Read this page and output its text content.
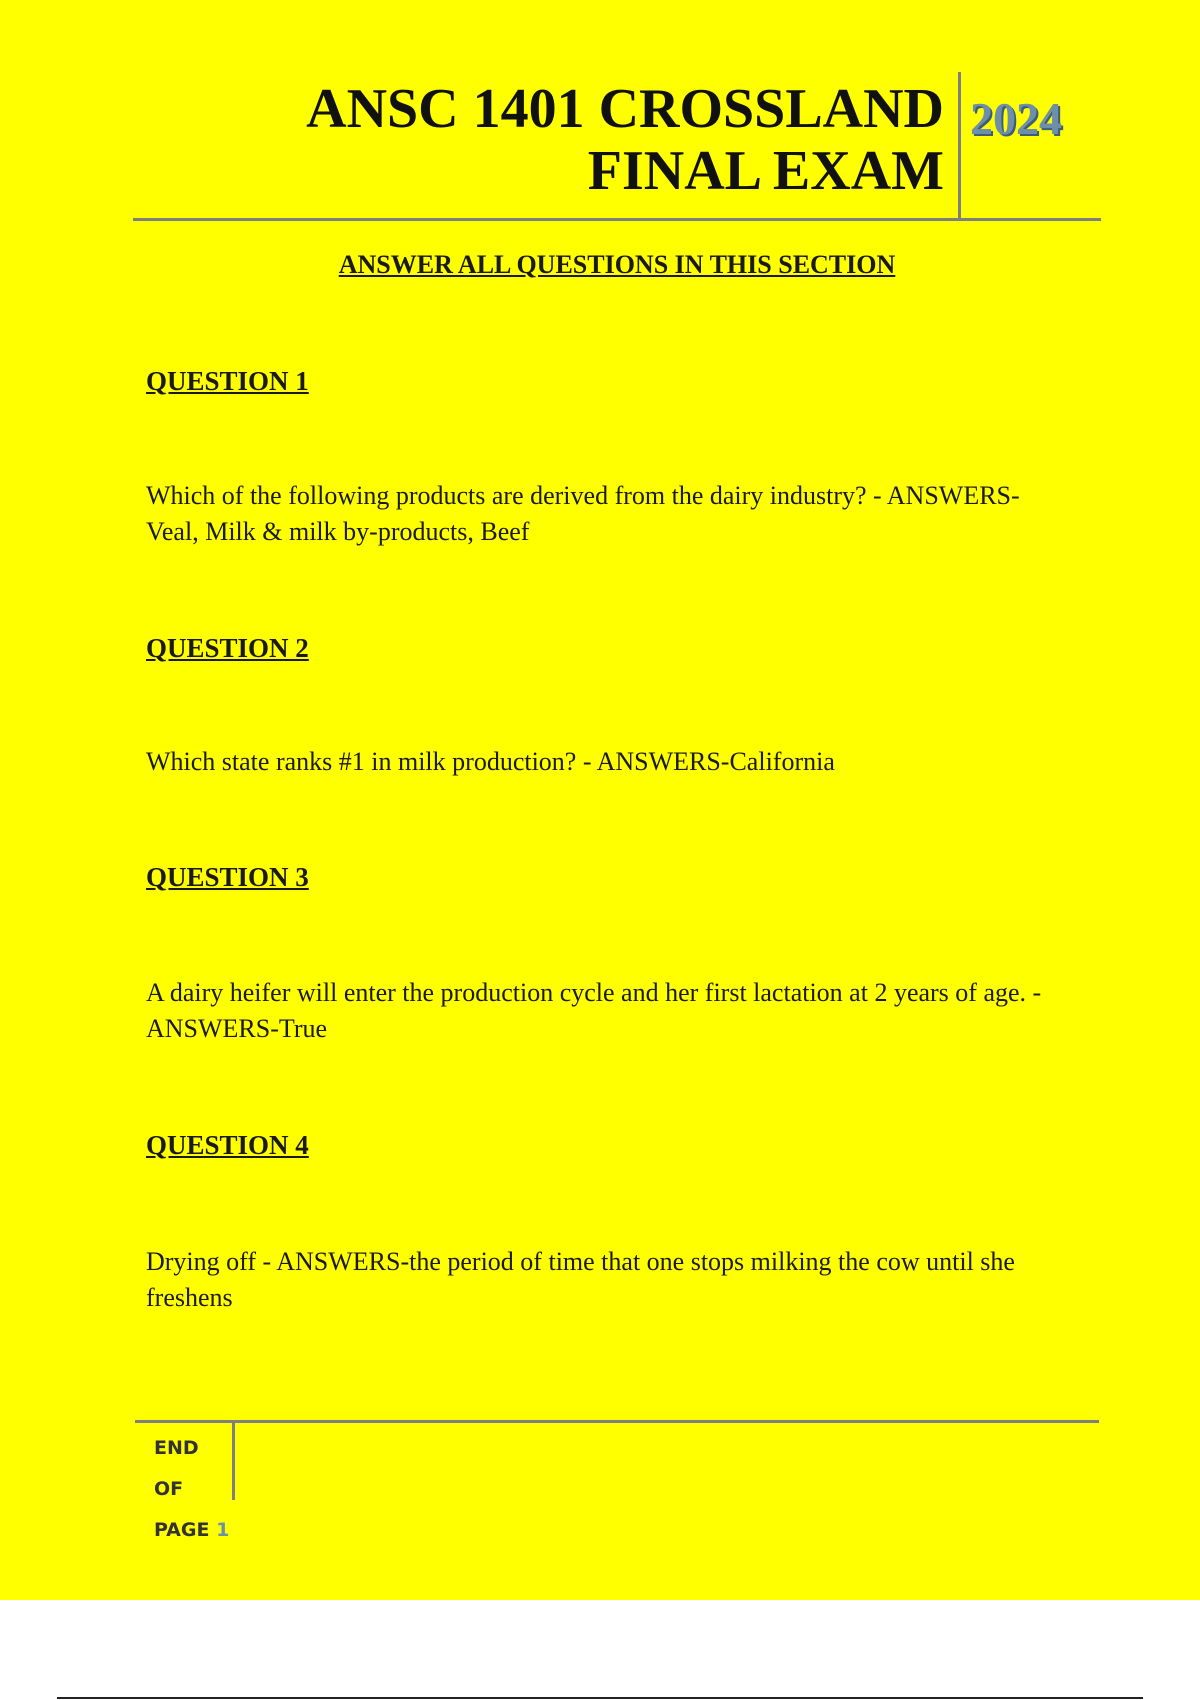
ANSC 1401 CROSSLAND
FINAL EXAM
2024
ANSWER ALL QUESTIONS IN THIS SECTION
QUESTION 1
Which of the following products are derived from the dairy industry? - ANSWERS-Veal, Milk & milk by-products, Beef
QUESTION 2
Which state ranks #1 in milk production? - ANSWERS-California
QUESTION 3
A dairy heifer will enter the production cycle and her first lactation at 2 years of age. - ANSWERS-True
QUESTION 4
Drying off - ANSWERS-the period of time that one stops milking the cow until she freshens
END OF
PAGE 1
